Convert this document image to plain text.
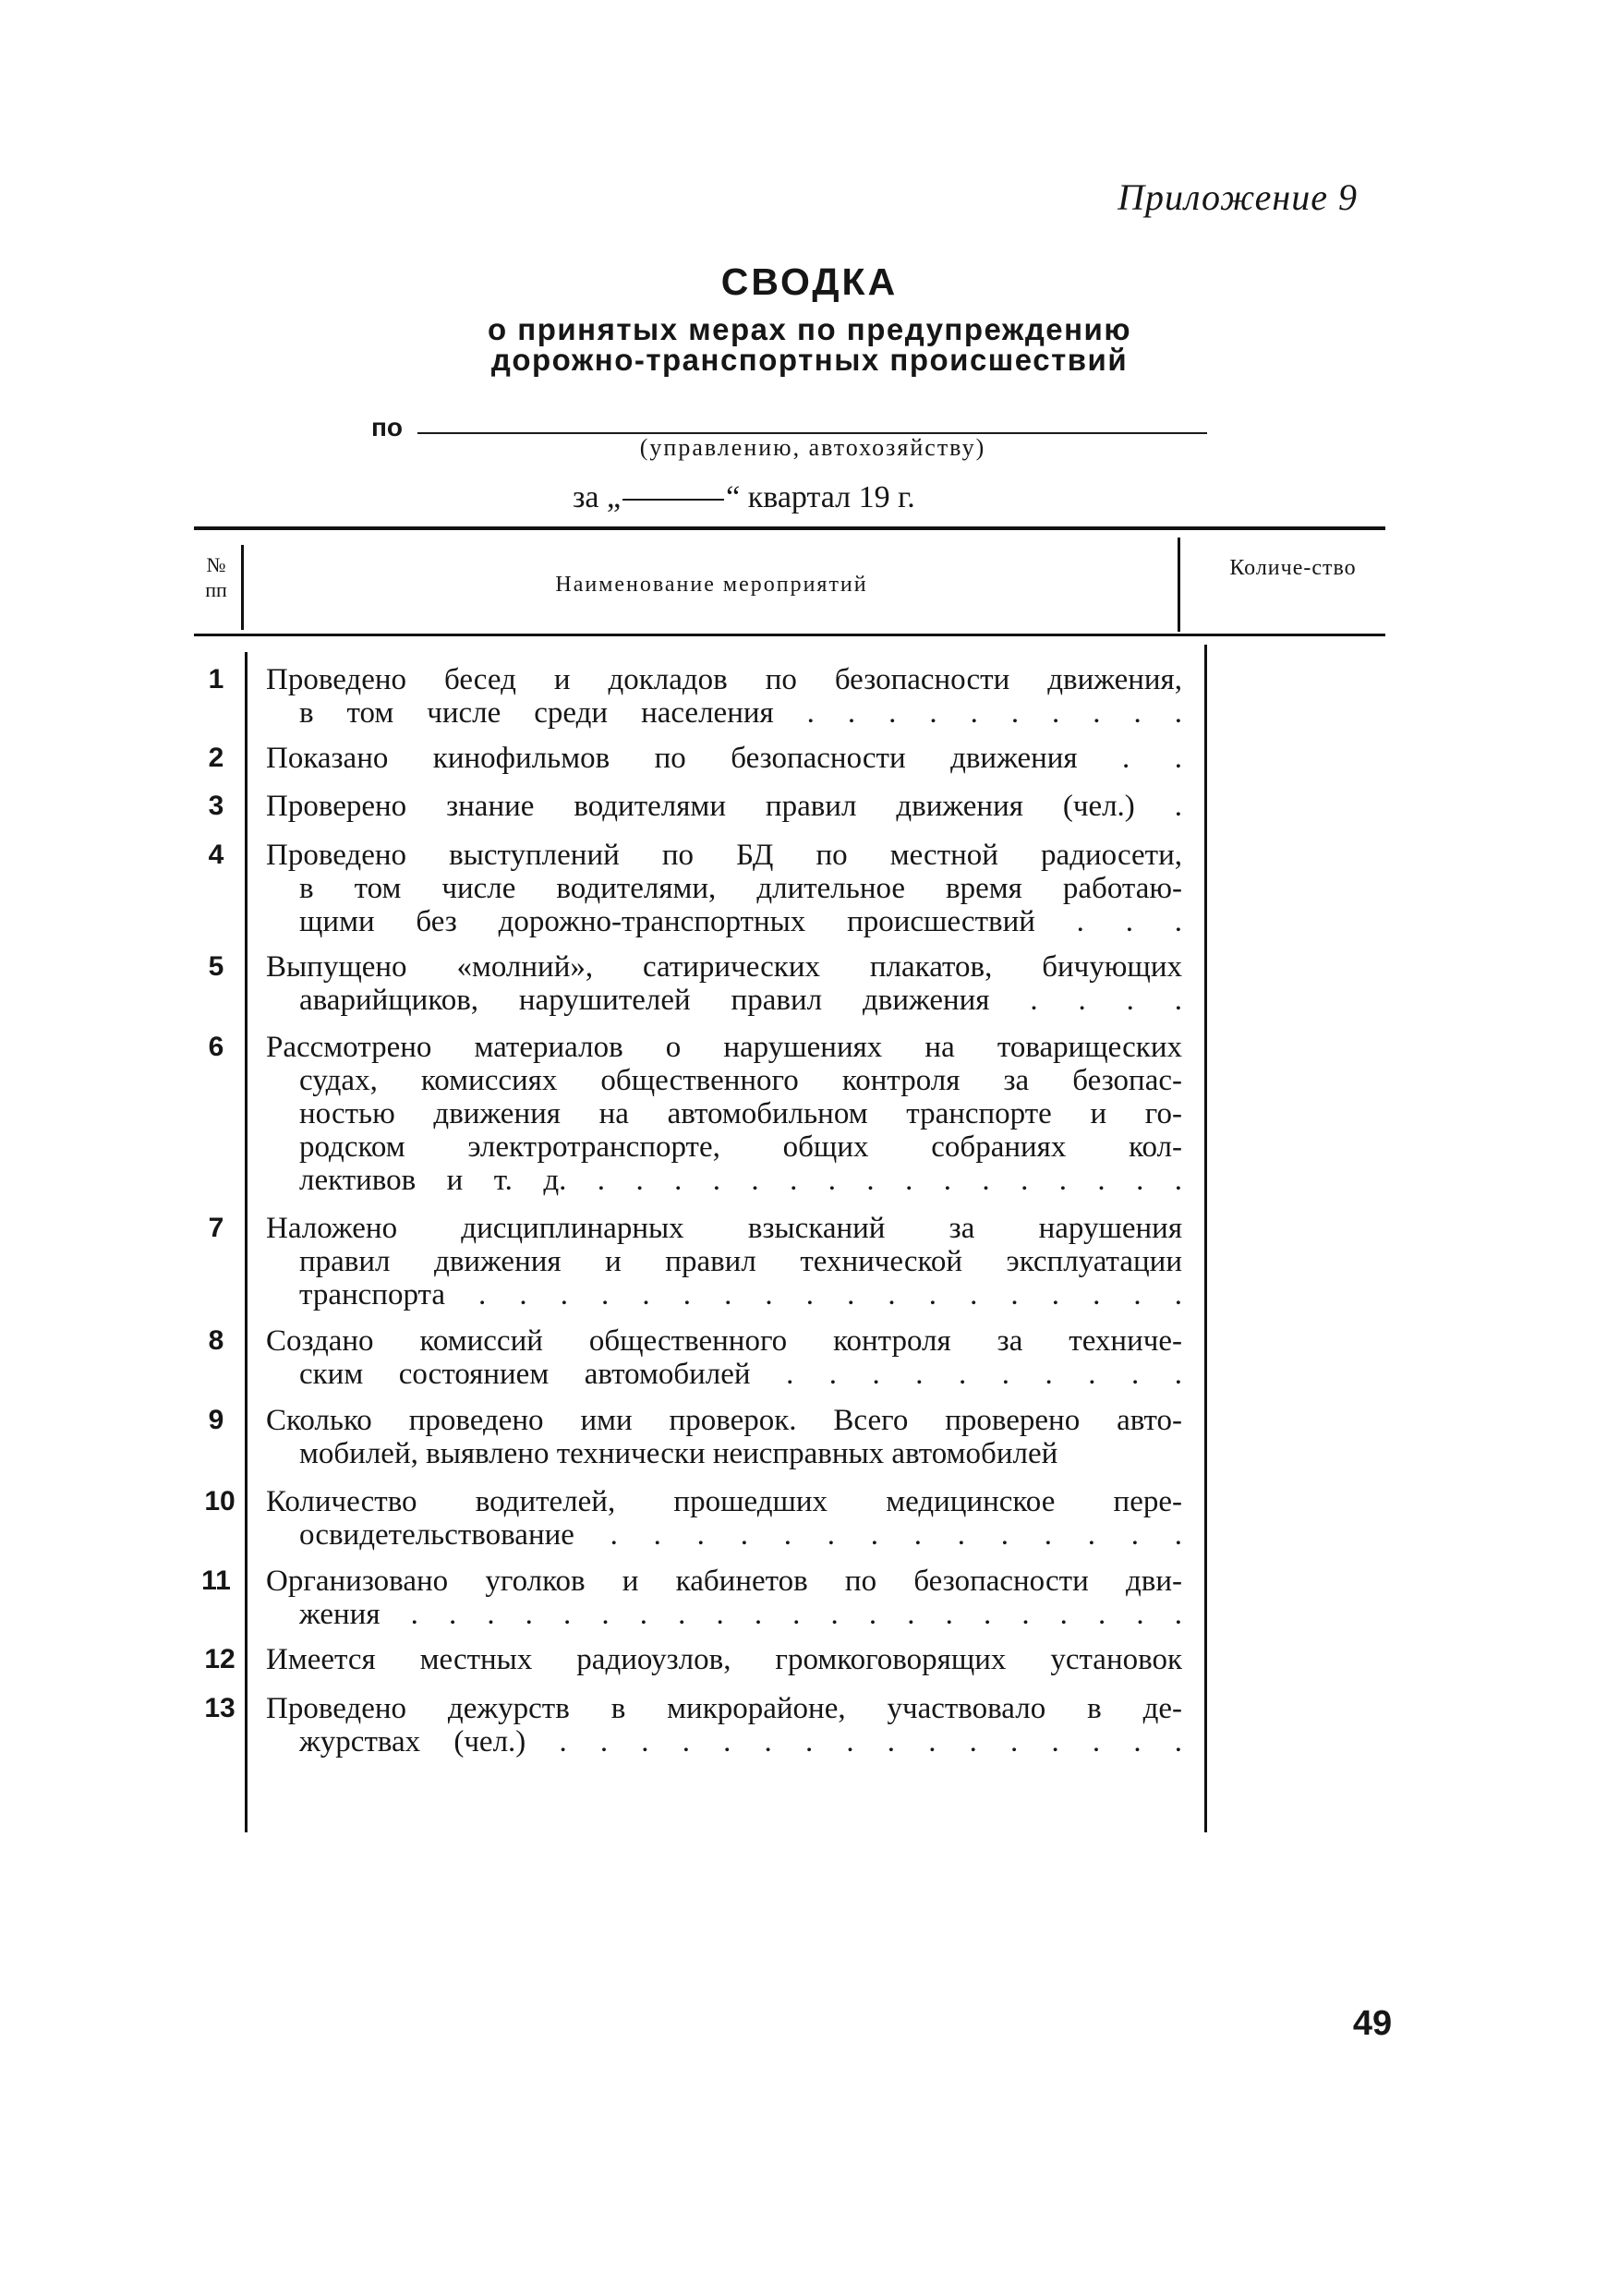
Приложение 9
СВОДКА
о принятых мерах по предупреждению
дорожно-транспортных происшествий
по
(управлению, автохозяйству)
за „	“ квартал 19 г.
№ пп	Наименование мероприятий
Количе-ство
1	Проведено бесед и докладов по безопасности движения,
в том числе среди населения . . . . . . . . . .
2	Показано кинофильмов по безопасности движения . .
3	Проверено знание водителями правил движения (чел.) .
4	Проведено выступлений по БД по местной радиосети,
в том числе водителями, длительное время работаю-
щими без дорожно-транспортных происшествий . . .
5	Выпущено «молний», сатирических плакатов, бичующих
аварийщиков, нарушителей правил движения . . . .
6	Рассмотрено материалов о нарушениях на товарищеских
судах, комиссиях общественного контроля за безопас-
ностью движения на автомобильном транспорте и го-
родском электротранспорте, общих собраниях кол-
лективов и т. д. . . . . . . . . . . . . . . . .
7	Наложено дисциплинарных взысканий за нарушения
правил движения и правил технической эксплуатации
транспорта . . . . . . . . . . . . . . . . . .
8	Создано комиссий общественного контроля за техниче-
ским состоянием автомобилей . . . . . . . . . .
9	Сколько проведено ими проверок. Всего проверено авто-
мобилей, выявлено технически неисправных автомобилей
10 Количество водителей, прошедших медицинское пере-
освидетельствование . . . . . . . . . . . . . .
11 Организовано уголков и кабинетов по безопасности дви-
жения . . . . . . . . . . . . . . . . . . . . .
12 Имеется местных радиоузлов, громкоговорящих установок
13 Проведено дежурств в микрорайоне, участвовало в де-
журствах (чел.) . . . . . . . . . . . . . . . .
49
